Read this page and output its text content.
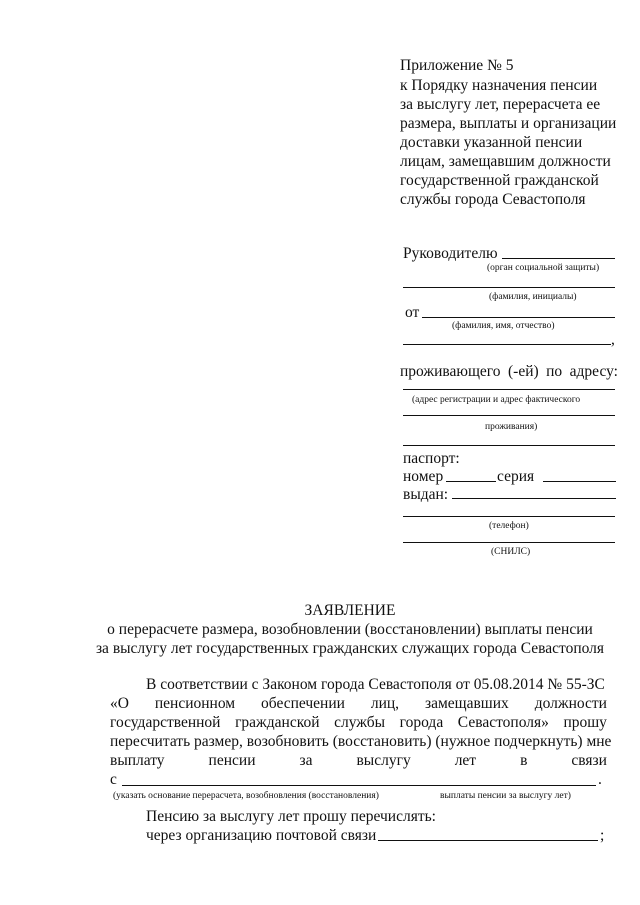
Приложение № 5
к Порядку назначения пенсии
за выслугу лет, перерасчета ее
размера, выплаты и организации
доставки указанной пенсии
лицам, замещавшим должности
государственной гражданской
службы города Севастополя
Руководителю
(орган социальной защиты)
(фамилия, инициалы)
от
(фамилия, имя, отчество)
,
проживающего (-ей) по адресу:
(адрес регистрации и адрес фактического
проживания)
паспорт:
номер	серия
выдан:
(телефон)
(СНИЛС)
ЗАЯВЛЕНИЕ
о перерасчете размера, возобновлении (восстановлении) выплаты пенсии
за выслугу лет государственных гражданских служащих города Севастополя
В соответствии с Законом города Севастополя от 05.08.2014 № 55-ЗС
«О пенсионном обеспечении лиц, замещавших должности
государственной гражданской службы города Севастополя» прошу
пересчитать размер, возобновить (восстановить) (нужное подчеркнуть) мне
выплату	пенсии	за	выслугу	лет	в	связи
с	.
(указать основание перерасчета, возобновления (восстановления)	выплаты пенсии за выслугу лет)
Пенсию за выслугу лет прошу перечислять:
через организацию почтовой связи	;
